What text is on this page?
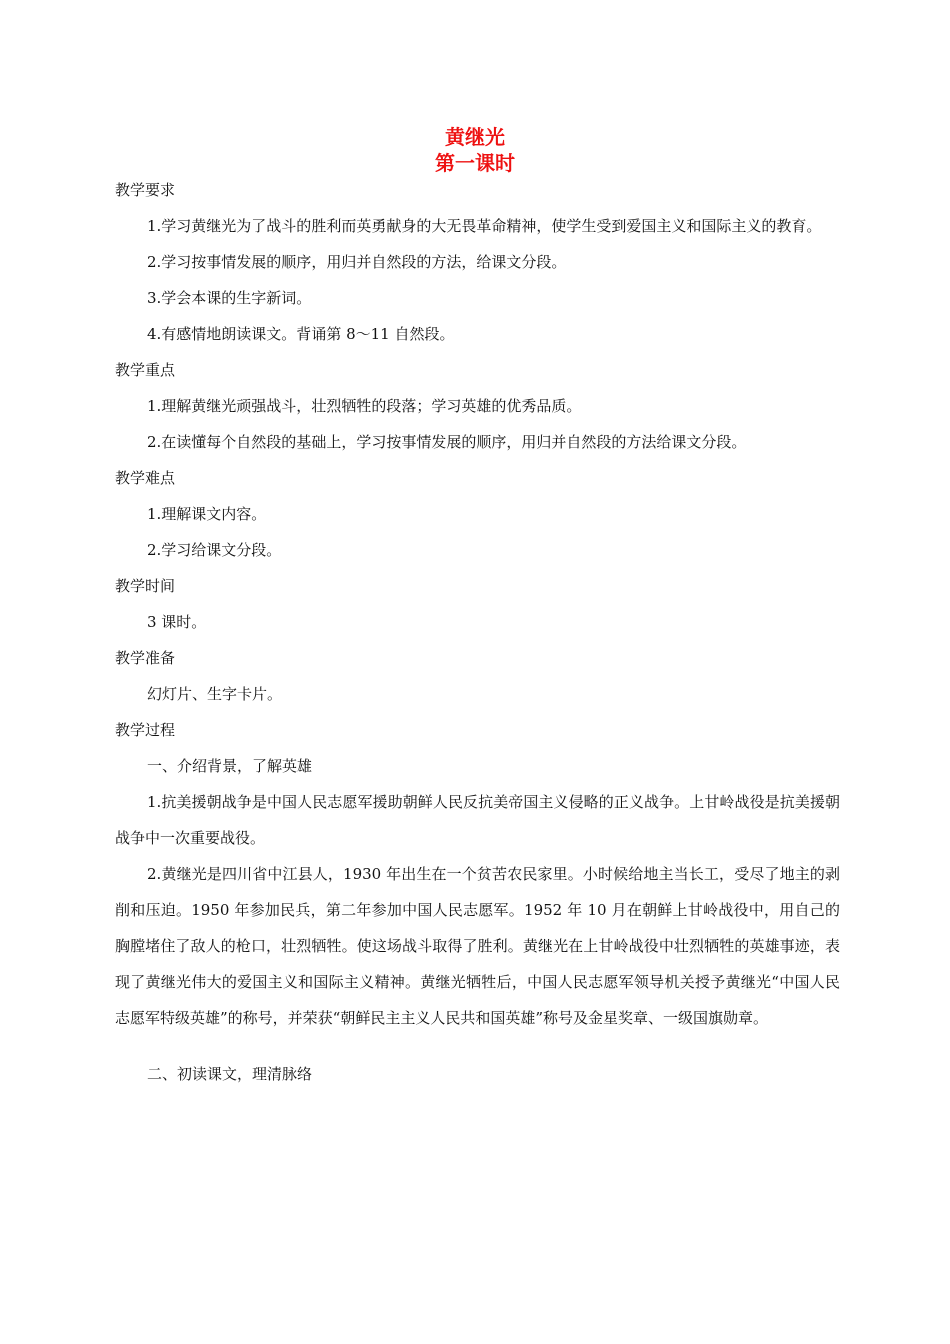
黄继光

第一课时

教学要求

1.学习黄继光为了战斗的胜利而英勇献身的大无畏革命精神，使学生受到爱国主义和国际主义的教育。

2.学习按事情发展的顺序，用归并自然段的方法，给课文分段。

3.学会本课的生字新词。

4.有感情地朗读课文。背诵第 8～11 自然段。

教学重点

1.理解黄继光顽强战斗，壮烈牺牲的段落；学习英雄的优秀品质。

2.在读懂每个自然段的基础上，学习按事情发展的顺序，用归并自然段的方法给课文分段。

教学难点

1.理解课文内容。

2.学习给课文分段。

教学时间

3 课时。

教学准备

幻灯片、生字卡片。

教学过程

一、介绍背景，了解英雄

1.抗美援朝战争是中国人民志愿军援助朝鲜人民反抗美帝国主义侵略的正义战争。上甘岭战役是抗美援朝战争中一次重要战役。

2.黄继光是四川省中江县人，1930 年出生在一个贫苦农民家里。小时候给地主当长工，受尽了地主的剥削和压迫。1950 年参加民兵，第二年参加中国人民志愿军。1952 年 10 月在朝鲜上甘岭战役中，用自己的胸膛堵住了敌人的枪口，壮烈牺牲。使这场战斗取得了胜利。黄继光在上甘岭战役中壮烈牺牲的英雄事迹，表现了黄继光伟大的爱国主义和国际主义精神。黄继光牺牲后，中国人民志愿军领导机关授予黄继光“中国人民志愿军特级英雄”的称号，并荣获“朝鲜民主主义人民共和国英雄”称号及金星奖章、一级国旗勋章。

二、初读课文，理清脉络
